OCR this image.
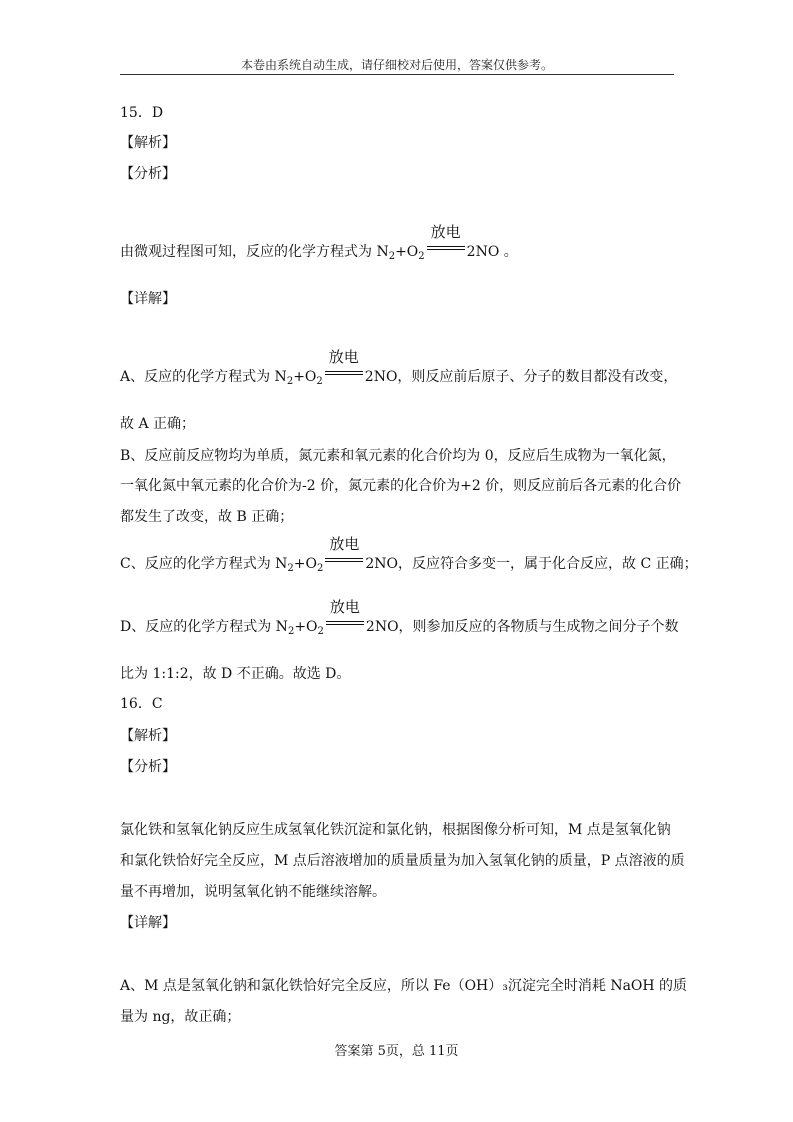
本卷由系统自动生成，请仔细校对后使用，答案仅供参考。
15．D
【解析】
【分析】
由微观过程图可知，反应的化学方程式为 $N_2+O_2$
放电
2NO 。
【详解】
A、反应的化学方程式为 $N_2+O_2$
放电
2NO，则反应前后原子、分子的数目都没有改变，
故 A 正确；
B、反应前反应物均为单质，氮元素和氧元素的化合价均为 0，反应后生成物为一氧化氮，
一氧化氮中氧元素的化合价为-2 价，氮元素的化合价为+2 价，则反应前后各元素的化合价
都发生了改变，故 B 正确；
C、反应的化学方程式为 $N_2+O_2$
放电
2NO，反应符合多变一，属于化合反应，故 C 正确；
D、反应的化学方程式为 $N_2+O_2$
放电
2NO，则参加反应的各物质与生成物之间分子个数
比为 1:1:2，故 D 不正确。故选 D。
16．C
【解析】
【分析】
氯化铁和氢氧化钠反应生成氢氧化铁沉淀和氯化钠，根据图像分析可知，M 点是氢氧化钠
和氯化铁恰好完全反应，M 点后溶液增加的质量质量为加入氢氧化钠的质量，P 点溶液的质
量不再增加，说明氢氧化钠不能继续溶解。
【详解】
A、M 点是氢氧化钠和氯化铁恰好完全反应，所以 Fe（OH）₃沉淀完全时消耗 NaOH 的质
量为 ng，故正确；
答案第 5页，总 11页
